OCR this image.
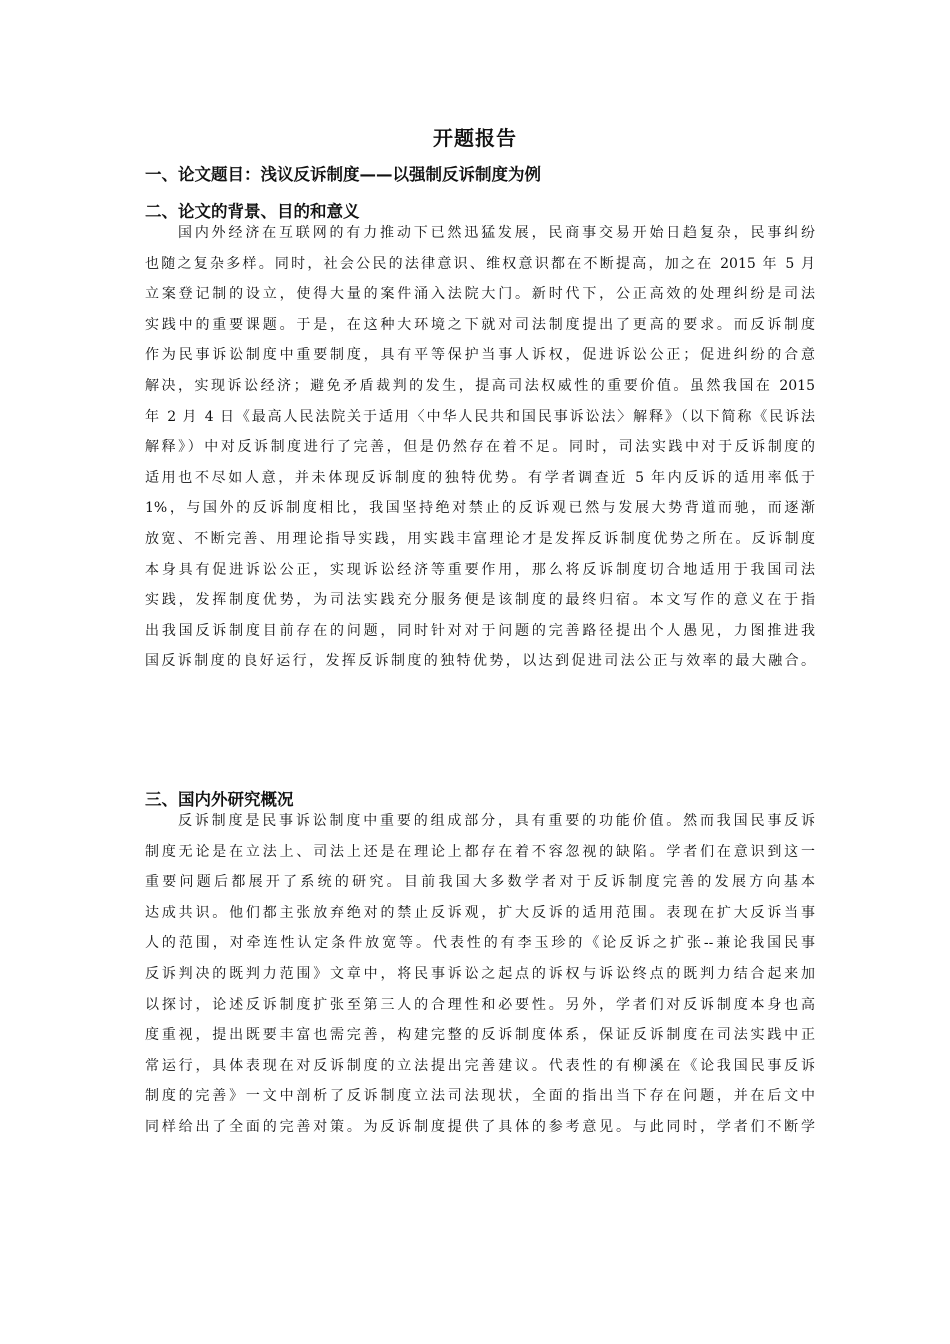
开题报告
一、论文题目：浅议反诉制度——以强制反诉制度为例
二、论文的背景、目的和意义
国内外经济在互联网的有力推动下已然迅猛发展，民商事交易开始日趋复杂，民事纠纷
也随之复杂多样。同时，社会公民的法律意识、维权意识都在不断提高，加之在 2015 年 5 月
立案登记制的设立，使得大量的案件涌入法院大门。新时代下，公正高效的处理纠纷是司法
实践中的重要课题。于是，在这种大环境之下就对司法制度提出了更高的要求。而反诉制度
作为民事诉讼制度中重要制度，具有平等保护当事人诉权，促进诉讼公正；促进纠纷的合意
解决，实现诉讼经济；避免矛盾裁判的发生，提高司法权威性的重要价值。虽然我国在 2015
年 2 月 4 日《最高人民法院关于适用〈中华人民共和国民事诉讼法〉解释》（以下简称《民诉法
解释》）中对反诉制度进行了完善，但是仍然存在着不足。同时，司法实践中对于反诉制度的
适用也不尽如人意，并未体现反诉制度的独特优势。有学者调查近 5 年内反诉的适用率低于
1%，与国外的反诉制度相比，我国坚持绝对禁止的反诉观已然与发展大势背道而驰，而逐渐
放宽、不断完善、用理论指导实践，用实践丰富理论才是发挥反诉制度优势之所在。反诉制度
本身具有促进诉讼公正，实现诉讼经济等重要作用，那么将反诉制度切合地适用于我国司法
实践，发挥制度优势，为司法实践充分服务便是该制度的最终归宿。本文写作的意义在于指
出我国反诉制度目前存在的问题，同时针对对于问题的完善路径提出个人愚见，力图推进我
国反诉制度的良好运行，发挥反诉制度的独特优势，以达到促进司法公正与效率的最大融合。
三、国内外研究概况
反诉制度是民事诉讼制度中重要的组成部分，具有重要的功能价值。然而我国民事反诉
制度无论是在立法上、司法上还是在理论上都存在着不容忽视的缺陷。学者们在意识到这一
重要问题后都展开了系统的研究。目前我国大多数学者对于反诉制度完善的发展方向基本
达成共识。他们都主张放弃绝对的禁止反诉观，扩大反诉的适用范围。表现在扩大反诉当事
人的范围，对牵连性认定条件放宽等。代表性的有李玉珍的《论反诉之扩张--兼论我国民事
反诉判决的既判力范围》文章中，将民事诉讼之起点的诉权与诉讼终点的既判力结合起来加
以探讨，论述反诉制度扩张至第三人的合理性和必要性。另外，学者们对反诉制度本身也高
度重视，提出既要丰富也需完善，构建完整的反诉制度体系，保证反诉制度在司法实践中正
常运行，具体表现在对反诉制度的立法提出完善建议。代表性的有柳溪在《论我国民事反诉
制度的完善》一文中剖析了反诉制度立法司法现状，全面的指出当下存在问题，并在后文中
同样给出了全面的完善对策。为反诉制度提供了具体的参考意见。与此同时，学者们不断学
